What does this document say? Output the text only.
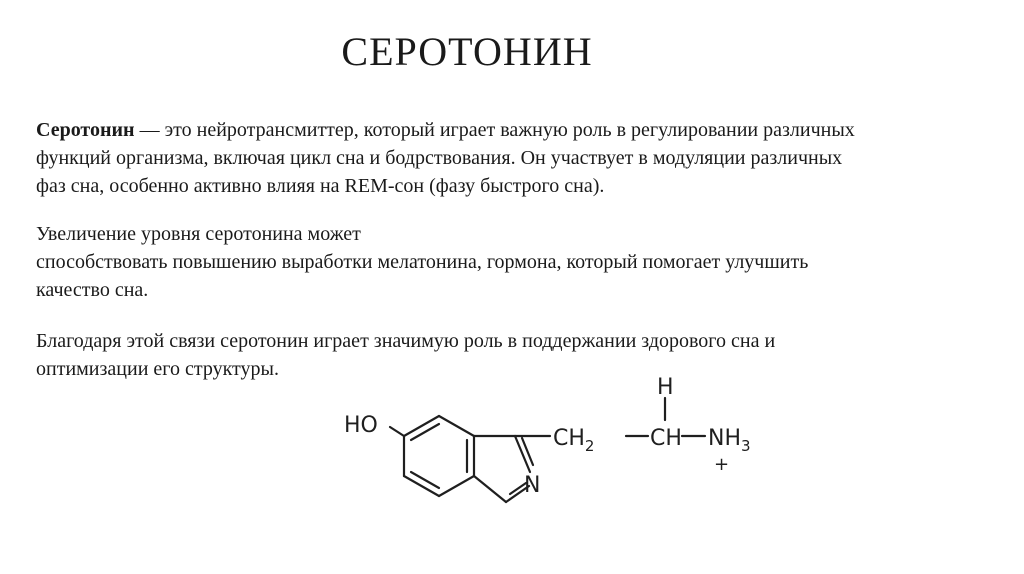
СЕРОТОНИН

Серотонин — это нейротрансмиттер, который играет важную роль в регулировании различных
функций организма, включая цикл сна и бодрствования. Он участвует в модуляции различных
фаз сна, особенно активно влияя на REM-сон (фазу быстрого сна).

Увеличение уровня серотонина может
способствовать повышению выработки мелатонина, гормона, который помогает улучшить
качество сна.

Благодаря этой связи серотонин играет значимую роль в поддержании здорового сна и
оптимизации его структуры.

HO
N
$CH_2$	CH
H
$NH_3$
+
